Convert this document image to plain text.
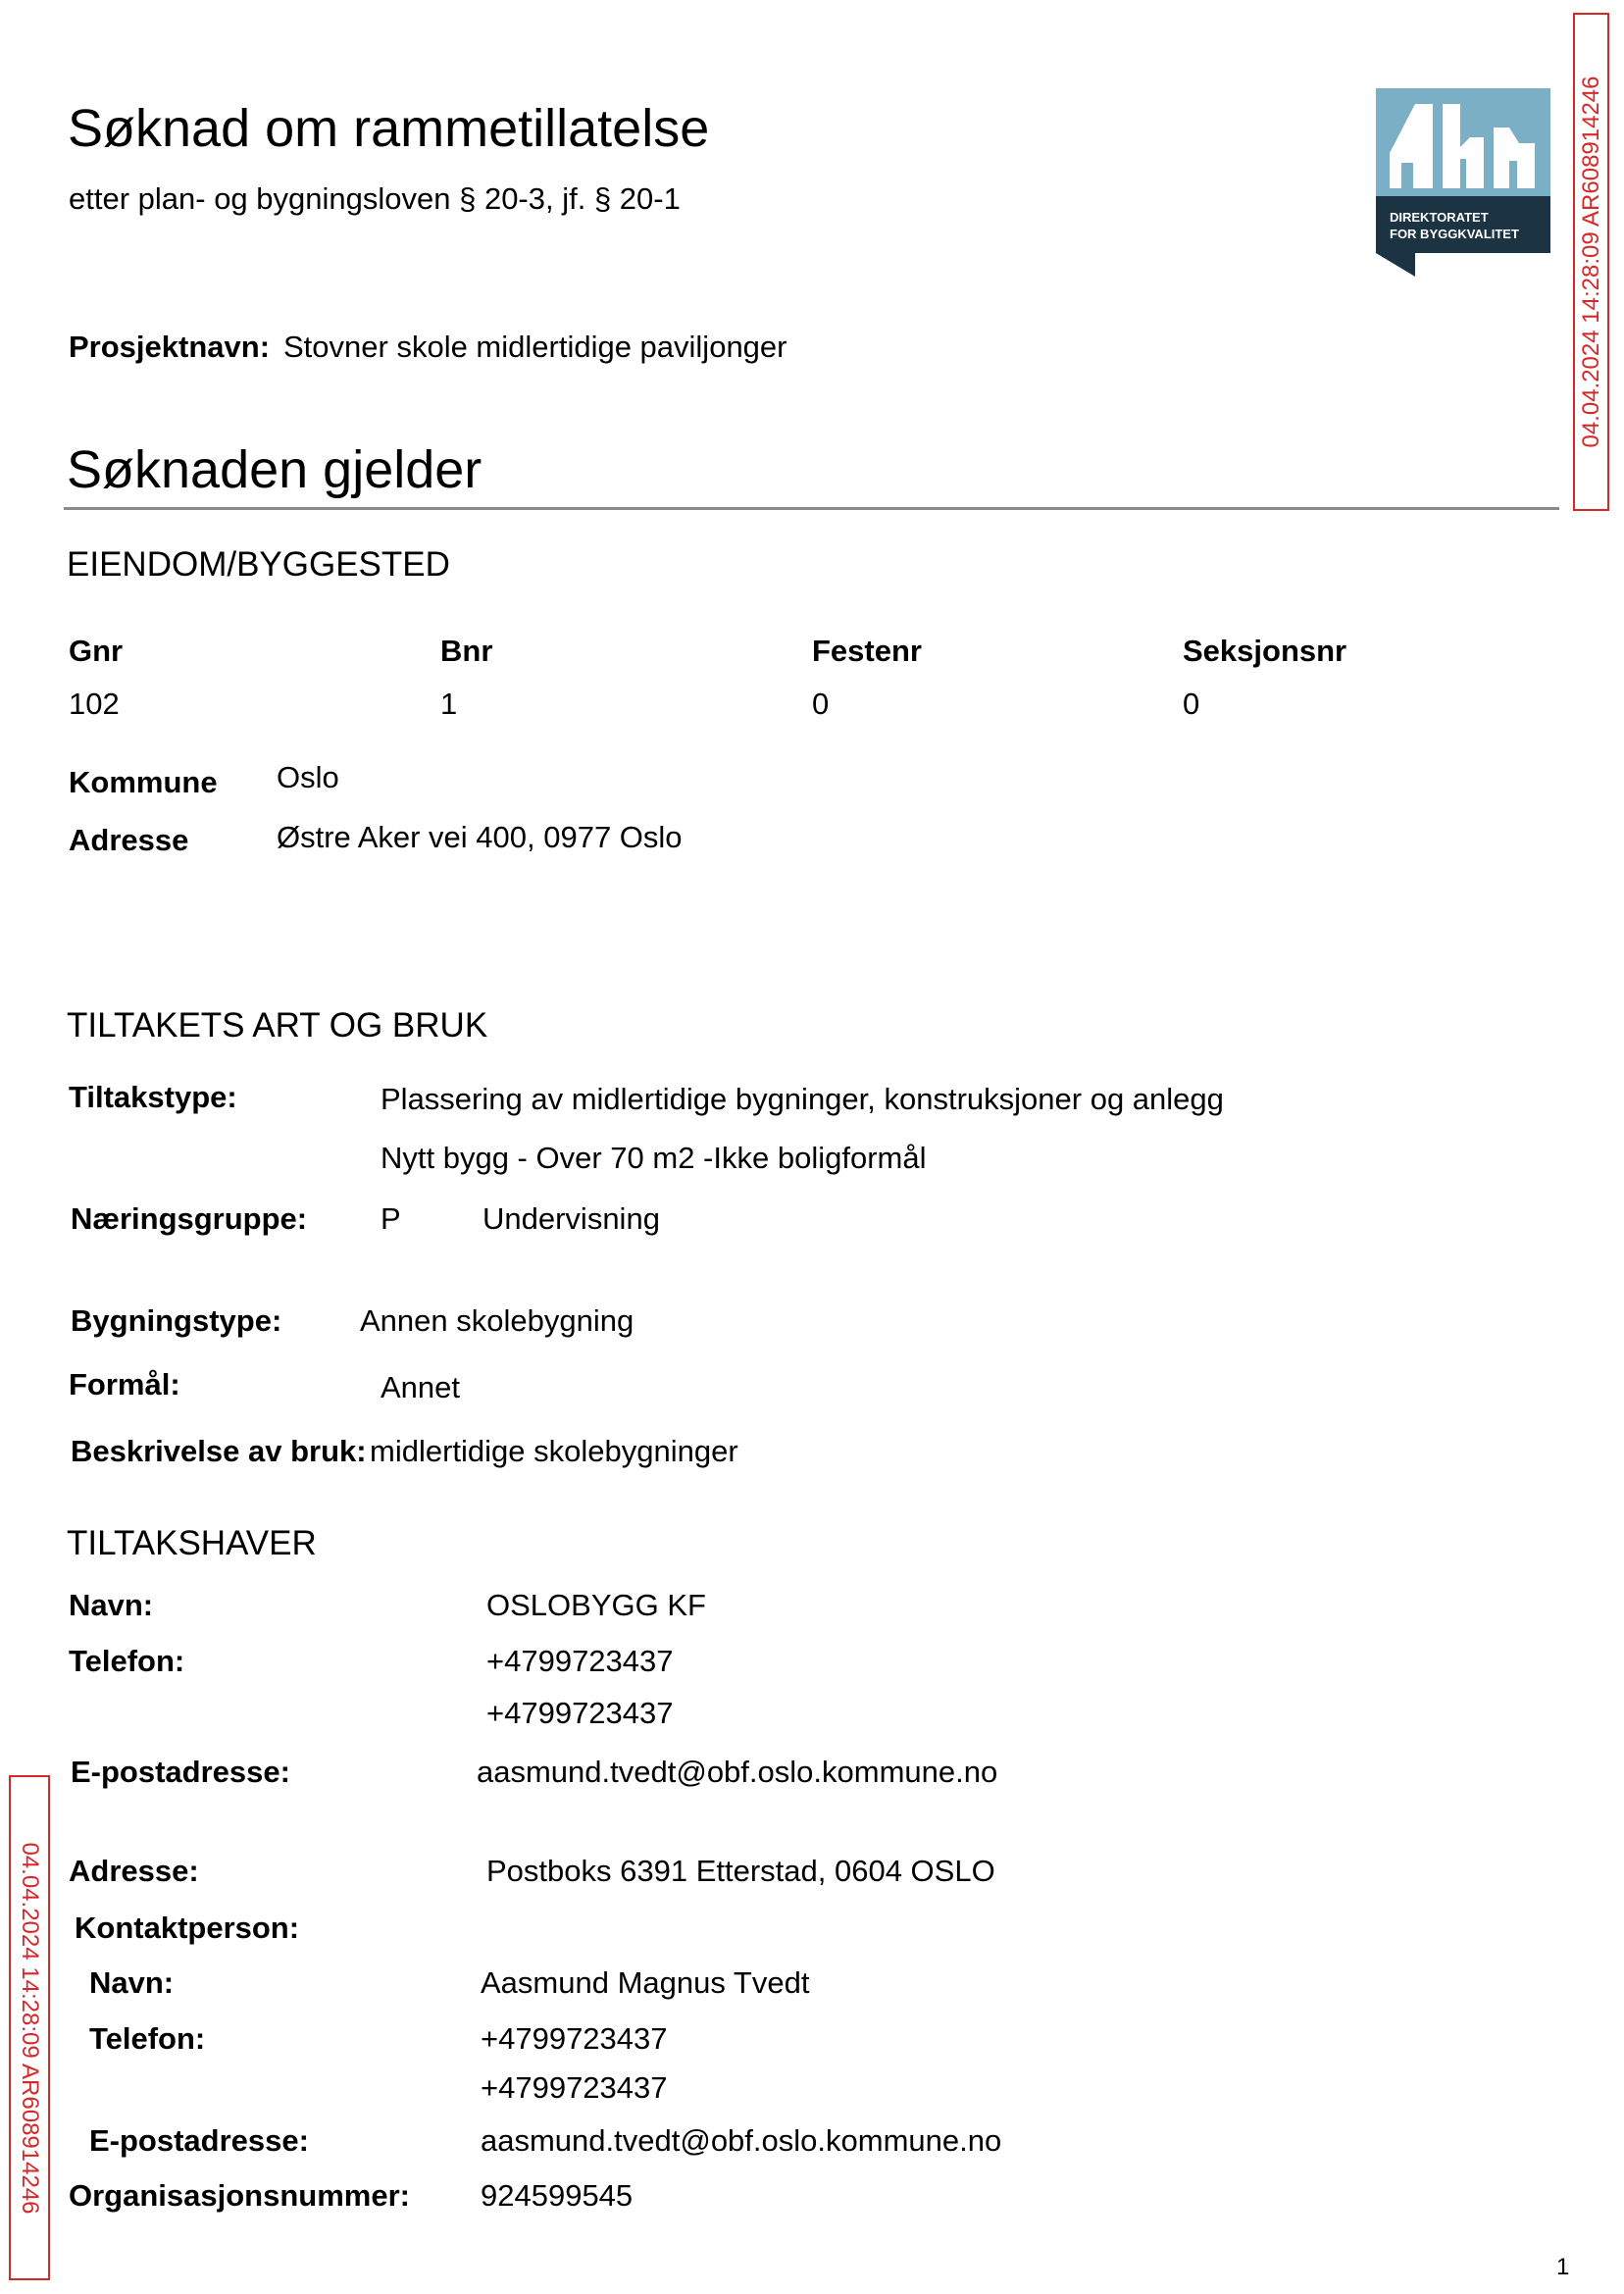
Søknad om rammetillatelse
etter plan- og bygningsloven § 20-3, jf. § 20-1
DIREKTORATET
FOR BYGGKVALITET 04.04.2024 14:28:09 AR608914246
Prosjektnavn: Stovner skole midlertidige paviljonger
Søknaden gjelder
EIENDOM/BYGGESTED
Gnr	Bnr	Festenr	Seksjonsnr
102	1	0	0
Kommune Oslo
Adresse	Østre Aker vei 400, 0977 Oslo
TILTAKETS ART OG BRUK
Tiltakstype:	Plassering av midlertidige bygninger, konstruksjoner og anlegg
Nytt bygg - Over 70 m2 -Ikke boligformål
Næringsgruppe: P	Undervisning
Bygningstype:	Annen skolebygning
Formål:	Annet
Beskrivelse av bruk: midlertidige skolebygninger
TILTAKSHAVER
Navn:	OSLOBYGG KF
Telefon:	+4799723437
+4799723437
E-postadresse:	aasmund.tvedt@obf.oslo.kommune.no
04.04.2024 14:28:09 AR608914246 Adresse:	Postboks 6391 Etterstad, 0604 OSLO
Kontaktperson:
Navn:	Aasmund Magnus Tvedt
Telefon:	+4799723437
+4799723437
E-postadresse:	aasmund.tvedt@obf.oslo.kommune.no
Organisasjonsnummer: 924599545
1
